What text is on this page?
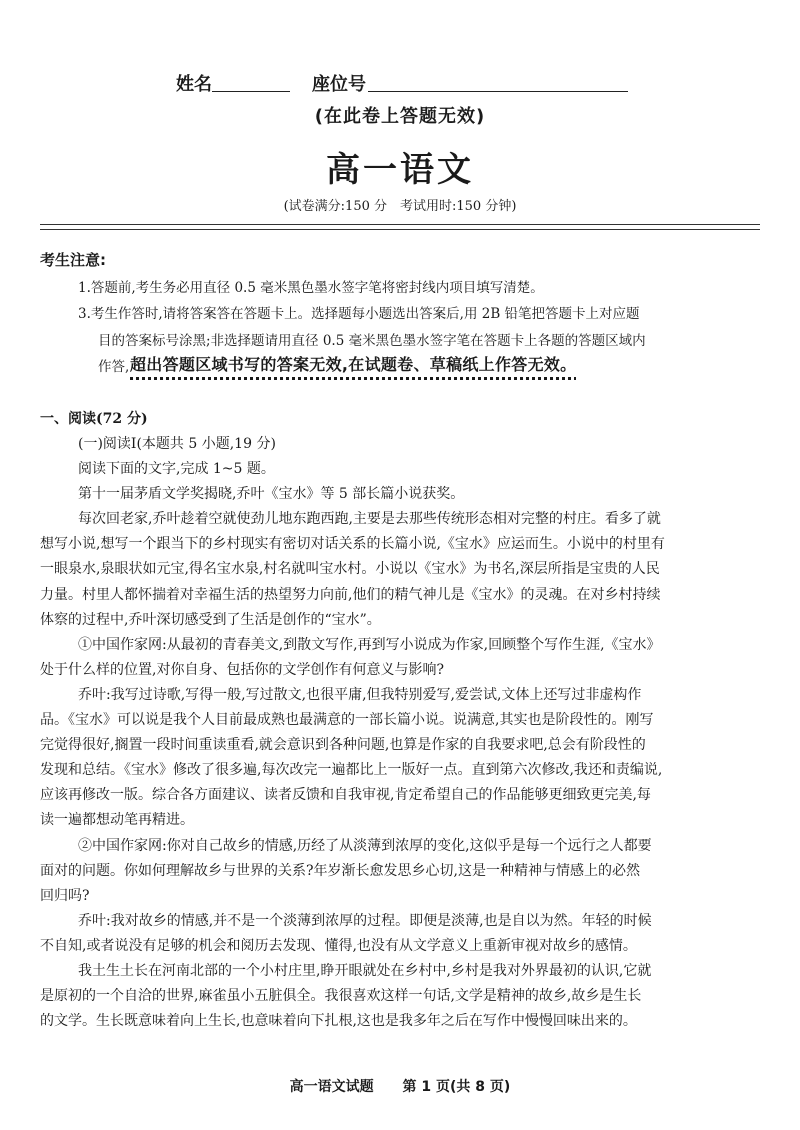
姓名	座位号
(在此卷上答题无效)
高一语文
(试卷满分:150 分　考试用时:150 分钟)
考生注意:
1.答题前,考生务必用直径 0.5 毫米黑色墨水签字笔将密封线内项目填写清楚。
3.考生作答时,请将答案答在答题卡上。选择题每小题选出答案后,用 2B 铅笔把答题卡上对应题
目的答案标号涂黑;非选择题请用直径 0.5 毫米黑色墨水签字笔在答题卡上各题的答题区域内
作答, 超出答题区域书写的答案无效,在试题卷、草稿纸上作答无效。
一、阅读(72 分)
(一)阅读Ⅰ(本题共 5 小题,19 分)
阅读下面的文字,完成 1~5 题。
第十一届茅盾文学奖揭晓,乔叶《宝水》等 5 部长篇小说获奖。
每次回老家,乔叶趁着空就使劲儿地东跑西跑,主要是去那些传统形态相对完整的村庄。看多了就
想写小说,想写一个跟当下的乡村现实有密切对话关系的长篇小说,《宝水》应运而生。小说中的村里有
一眼泉水,泉眼状如元宝,得名宝水泉,村名就叫宝水村。小说以《宝水》为书名,深层所指是宝贵的人民
力量。村里人都怀揣着对幸福生活的热望努力向前,他们的精气神儿是《宝水》的灵魂。在对乡村持续
体察的过程中,乔叶深切感受到了生活是创作的“宝水”。
①中国作家网:从最初的青春美文,到散文写作,再到写小说成为作家,回顾整个写作生涯,《宝水》
处于什么样的位置,对你自身、包括你的文学创作有何意义与影响?
乔叶:我写过诗歌,写得一般,写过散文,也很平庸,但我特别爱写,爱尝试,文体上还写过非虚构作
品。《宝水》可以说是我个人目前最成熟也最满意的一部长篇小说。说满意,其实也是阶段性的。刚写
完觉得很好,搁置一段时间重读重看,就会意识到各种问题,也算是作家的自我要求吧,总会有阶段性的
发现和总结。《宝水》修改了很多遍,每次改完一遍都比上一版好一点。直到第六次修改,我还和责编说,
应该再修改一版。综合各方面建议、读者反馈和自我审视,肯定希望自己的作品能够更细致更完美,每
读一遍都想动笔再精进。
②中国作家网:你对自己故乡的情感,历经了从淡薄到浓厚的变化,这似乎是每一个远行之人都要
面对的问题。你如何理解故乡与世界的关系?年岁渐长愈发思乡心切,这是一种精神与情感上的必然
回归吗?
乔叶:我对故乡的情感,并不是一个淡薄到浓厚的过程。即便是淡薄,也是自以为然。年轻的时候
不自知,或者说没有足够的机会和阅历去发现、懂得,也没有从文学意义上重新审视对故乡的感情。
我土生土长在河南北部的一个小村庄里,睁开眼就处在乡村中,乡村是我对外界最初的认识,它就
是原初的一个自洽的世界,麻雀虽小五脏俱全。我很喜欢这样一句话,文学是精神的故乡,故乡是生长
的文学。生长既意味着向上生长,也意味着向下扎根,这也是我多年之后在写作中慢慢回味出来的。
高一语文试题 第 1 页(共 8 页)
